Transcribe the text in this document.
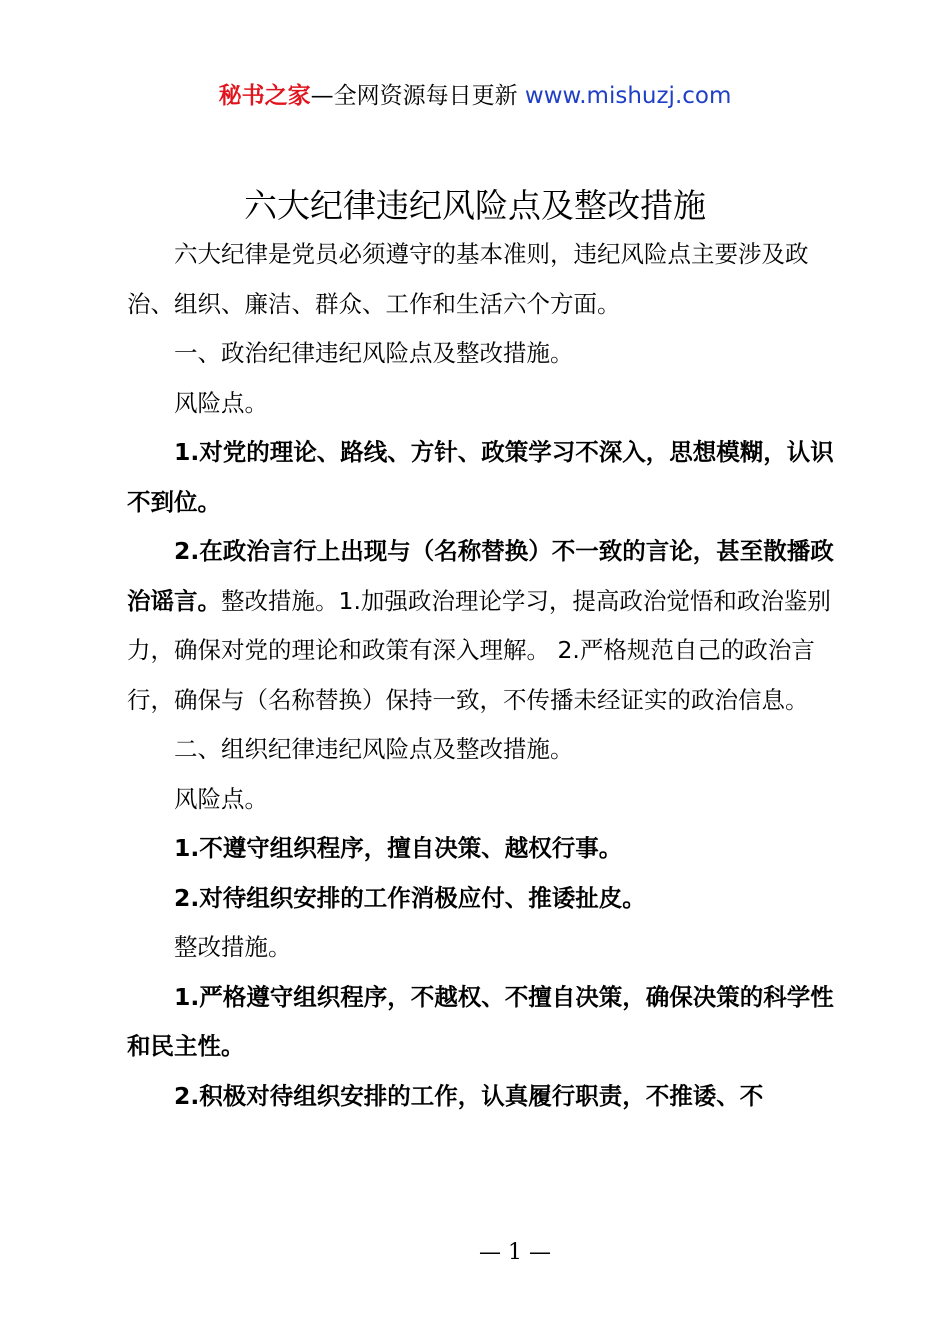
秘书之家—全网资源每日更新 www.mishuzj.com
六大纪律违纪风险点及整改措施

六大纪律是党员必须遵守的基本准则，违纪风险点主要涉及政治、组织、廉洁、群众、工作和生活六个方面。

一、政治纪律违纪风险点及整改措施。

风险点。

1.对党的理论、路线、方针、政策学习不深入，思想模糊，认识不到位。

2.在政治言行上出现与（名称替换）不一致的言论，甚至散播政治谣言。整改措施。1.加强政治理论学习，提高政治觉悟和政治鉴别力，确保对党的理论和政策有深入理解。 2.严格规范自己的政治言行，确保与（名称替换）保持一致，不传播未经证实的政治信息。

二、组织纪律违纪风险点及整改措施。

风险点。

1.不遵守组织程序，擅自决策、越权行事。

2.对待组织安排的工作消极应付、推诿扯皮。

整改措施。

1.严格遵守组织程序，不越权、不擅自决策，确保决策的科学性和民主性。

2.积极对待组织安排的工作，认真履行职责，不推诿、不

— 1 —
